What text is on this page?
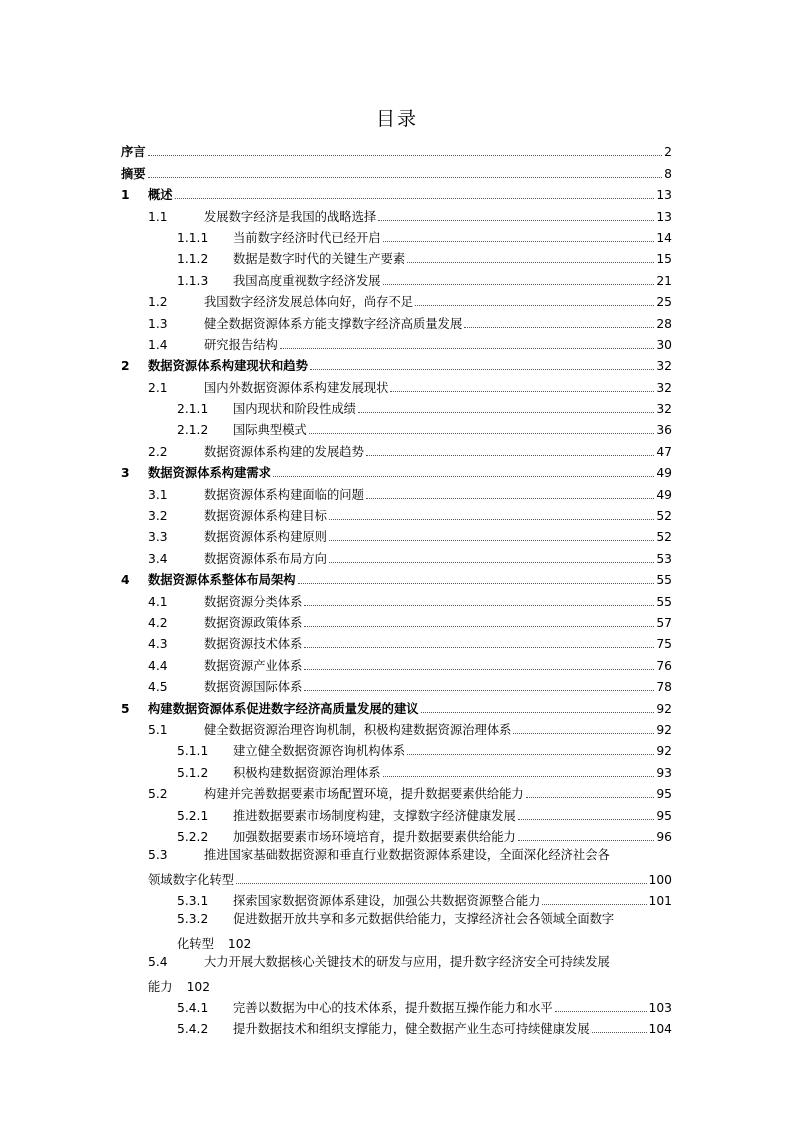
目录
序言	2
摘要	8
1	概述	13
1.1	发展数字经济是我国的战略选择	13
1.1.1	当前数字经济时代已经开启	14
1.1.2	数据是数字时代的关键生产要素	15
1.1.3	我国高度重视数字经济发展	21
1.2	我国数字经济发展总体向好，尚存不足	25
1.3	健全数据资源体系方能支撑数字经济高质量发展	28
1.4	研究报告结构	30
2	数据资源体系构建现状和趋势	32
2.1	国内外数据资源体系构建发展现状	32
2.1.1	国内现状和阶段性成绩	32
2.1.2	国际典型模式	36
2.2	数据资源体系构建的发展趋势	47
3	数据资源体系构建需求	49
3.1	数据资源体系构建面临的问题	49
3.2	数据资源体系构建目标	52
3.3	数据资源体系构建原则	52
3.4	数据资源体系布局方向	53
4	数据资源体系整体布局架构	55
4.1	数据资源分类体系	55
4.2	数据资源政策体系	57
4.3	数据资源技术体系	75
4.4	数据资源产业体系	76
4.5	数据资源国际体系	78
5	构建数据资源体系促进数字经济高质量发展的建议	92
5.1	健全数据资源治理咨询机制，积极构建数据资源治理体系	92
5.1.1	建立健全数据资源咨询机构体系	92
5.1.2	积极构建数据资源治理体系	93
5.2	构建并完善数据要素市场配置环境，提升数据要素供给能力	95
5.2.1	推进数据要素市场制度构建，支撑数字经济健康发展	95
5.2.2	加强数据要素市场环境培育，提升数据要素供给能力	96
5.3	推进国家基础数据资源和垂直行业数据资源体系建设，全面深化经济社会各
领域数字化转型	100
5.3.1	探索国家数据资源体系建设，加强公共数据资源整合能力	101
5.3.2	促进数据开放共享和多元数据供给能力，支撑经济社会各领域全面数字
化转型 102
5.4	大力开展大数据核心关键技术的研发与应用，提升数字经济安全可持续发展
能力 102
5.4.1	完善以数据为中心的技术体系，提升数据互操作能力和水平	103
5.4.2	提升数据技术和组织支撑能力，健全数据产业生态可持续健康发展	104
